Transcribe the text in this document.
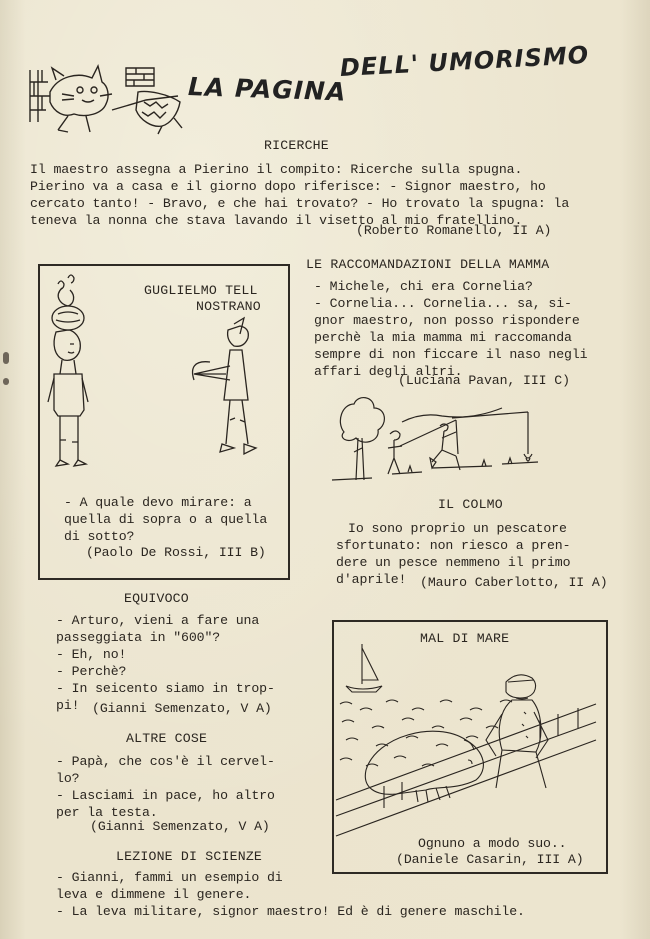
LA PAGINA
DELL' UMORISMO
RICERCHE
Il maestro assegna a Pierino il compito: Ricerche sulla spugna.
Pierino va a casa e il giorno dopo riferisce: - Signor maestro, ho
cercato tanto! - Bravo, e che hai trovato? - Ho trovato la spugna: la
teneva la nonna che stava lavando il visetto al mio fratellino.
(Roberto Romanello, II A)
GUGLIELMO TELL
NOSTRANO
- A quale devo mirare: a
quella di sopra o a quella
di sotto?
(Paolo De Rossi, III B)
LE RACCOMANDAZIONI DELLA MAMMA
- Michele, chi era Cornelia?
- Cornelia... Cornelia... sa, si-
gnor maestro, non posso rispondere
perchè la mia mamma mi raccomanda
sempre di non ficcare il naso negli
affari degli altri.
(Luciana Pavan, III C)
IL COLMO
Io sono proprio un pescatore
sfortunato: non riesco a pren-
dere un pesce nemmeno il primo
d'aprile! (Mauro Caberlotto, II A)
EQUIVOCO
- Arturo, vieni a fare una
passeggiata in "600"?
- Eh, no!
- Perchè?
- In seicento siamo in trop-
pi! (Gianni Semenzato, V A)
ALTRE COSE
- Papà, che cos'è il cervel-
lo?
- Lasciami in pace, ho altro
per la testa.
(Gianni Semenzato, V A)
MAL DI MARE
Ognuno a modo suo..
(Daniele Casarin, III A)
LEZIONE DI SCIENZE
- Gianni, fammi un esempio di
leva e dimmene il genere.
- La leva militare, signor maestro! Ed è di genere maschile.
